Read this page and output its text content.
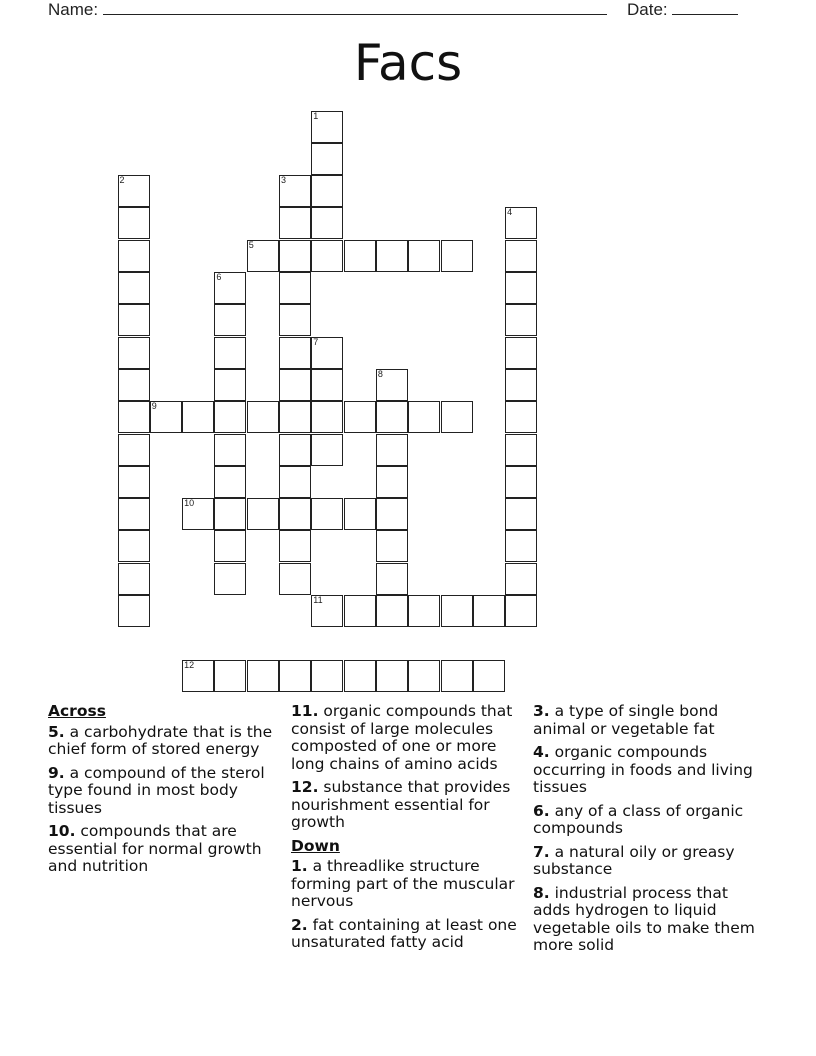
Name:	Date:
Facs
1
2	3
4
5
6
7
8
9
10
11
12
Across
5. a carbohydrate that is the chief form of stored energy
9. a compound of the sterol type found in most body tissues
10. compounds that are essential for normal growth and nutrition
11. organic compounds that consist of large molecules composted of one or more long chains of amino acids
12. substance that provides nourishment essential for growth
Down
1. a threadlike structure forming part of the muscular nervous
2. fat containing at least one unsaturated fatty acid
3. a type of single bond animal or vegetable fat
4. organic compounds occurring in foods and living tissues
6. any of a class of organic compounds
7. a natural oily or greasy substance
8. industrial process that adds hydrogen to liquid vegetable oils to make them more solid
